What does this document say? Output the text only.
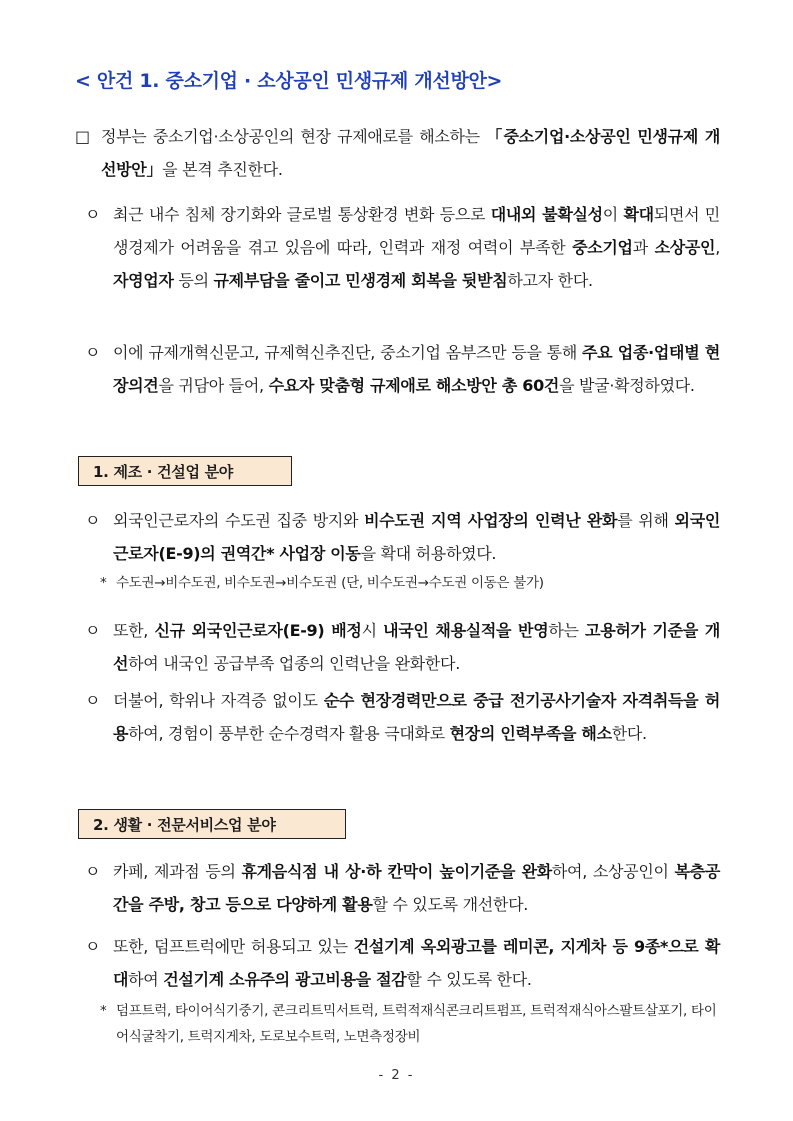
< 안건 1. 중소기업 · 소상공인 민생규제 개선방안>
□ 정부는 중소기업·소상공인의 현장 규제애로를 해소하는 「중소기업·소상공인 민생규제 개선방안」을 본격 추진한다.
ㅇ 최근 내수 침체 장기화와 글로벌 통상환경 변화 등으로 대내외 불확실성이 확대되면서 민생경제가 어려움을 겪고 있음에 따라, 인력과 재정 여력이 부족한 중소기업과 소상공인, 자영업자 등의 규제부담을 줄이고 민생경제 회복을 뒷받침하고자 한다.
ㅇ 이에 규제개혁신문고, 규제혁신추진단, 중소기업 옴부즈만 등을 통해 주요 업종·업태별 현장의견을 귀담아 들어, 수요자 맞춤형 규제애로 해소방안 총 60건을 발굴·확정하였다.
1. 제조 · 건설업 분야
ㅇ 외국인근로자의 수도권 집중 방지와 비수도권 지역 사업장의 인력난 완화를 위해 외국인근로자(E-9)의 권역간* 사업장 이동을 확대 허용하였다.
* 수도권→비수도권, 비수도권→비수도권 (단, 비수도권→수도권 이동은 불가)
ㅇ 또한, 신규 외국인근로자(E-9) 배정시 내국인 채용실적을 반영하는 고용허가 기준을 개선하여 내국인 공급부족 업종의 인력난을 완화한다.
ㅇ 더불어, 학위나 자격증 없이도 순수 현장경력만으로 중급 전기공사기술자 자격취득을 허용하여, 경험이 풍부한 순수경력자 활용 극대화로 현장의 인력부족을 해소한다.
2. 생활 · 전문서비스업 분야
ㅇ 카페, 제과점 등의 휴게음식점 내 상·하 칸막이 높이기준을 완화하여, 소상공인이 복층공간을 주방, 창고 등으로 다양하게 활용할 수 있도록 개선한다.
ㅇ 또한, 덤프트럭에만 허용되고 있는 건설기계 옥외광고를 레미콘, 지게차 등 9종*으로 확대하여 건설기계 소유주의 광고비용을 절감할 수 있도록 한다.
* 덤프트럭, 타이어식기중기, 콘크리트믹서트럭, 트럭적재식콘크리트펌프, 트럭적재식아스팔트살포기, 타이어식굴착기, 트럭지게차, 도로보수트럭, 노면측정장비
- 2 -
